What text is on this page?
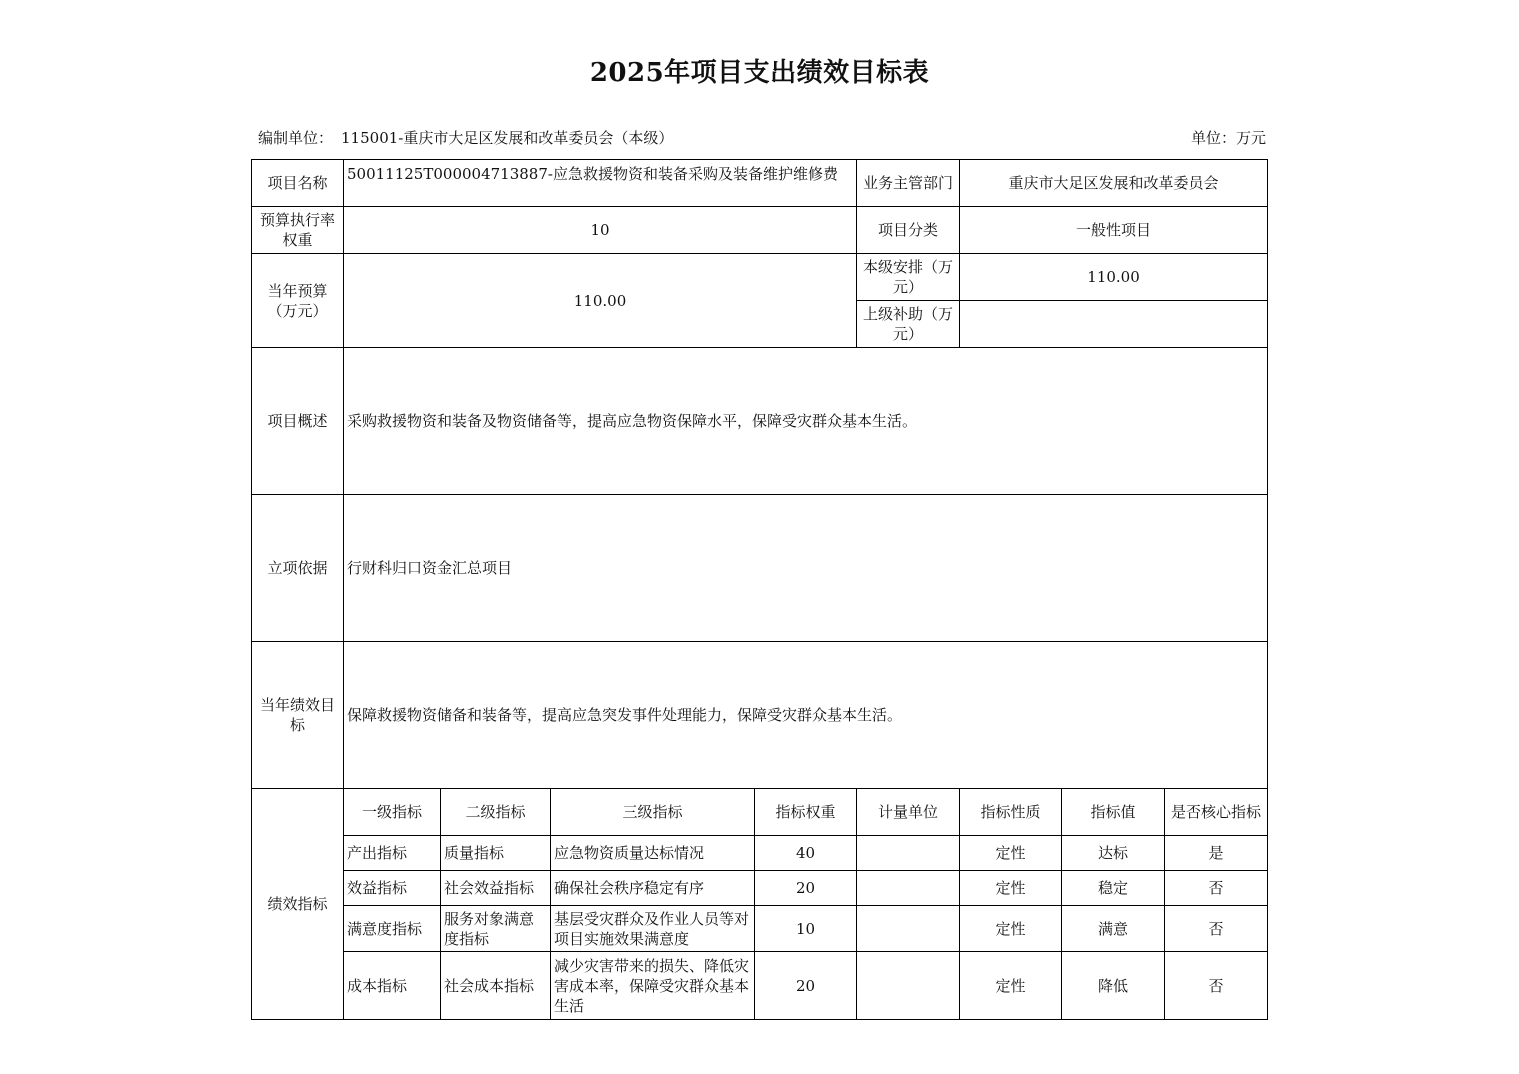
2025年项目支出绩效目标表
编制单位： 115001-重庆市大足区发展和改革委员会（本级）	单位：万元
项目名称	50011125T000004713887-应急救援物资和装备采购及装备维护维修费				业务主管部门	重庆市大足区发展和改革委员会		
预算执行率权重	10				项目分类	一般性项目		
当年预算（万元）	110.00				本级安排（万元）	110.00		
					上级补助（万元）			
项目概述	采购救援物资和装备及物资储备等，提高应急物资保障水平，保障受灾群众基本生活。							
立项依据	行财科归口资金汇总项目							
当年绩效目标	保障救援物资储备和装备等，提高应急突发事件处理能力，保障受灾群众基本生活。							
绩效指标	一级指标	二级指标	三级指标	指标权重	计量单位	指标性质	指标值	是否核心指标
	产出指标	质量指标	应急物资质量达标情况	40		定性	达标	是
	效益指标	社会效益指标	确保社会秩序稳定有序	20		定性	稳定	否
	满意度指标	服务对象满意度指标	基层受灾群众及作业人员等对项目实施效果满意度	10		定性	满意	否
	成本指标	社会成本指标	减少灾害带来的损失、降低灾害成本率，保障受灾群众基本生活	20		定性	降低	否
